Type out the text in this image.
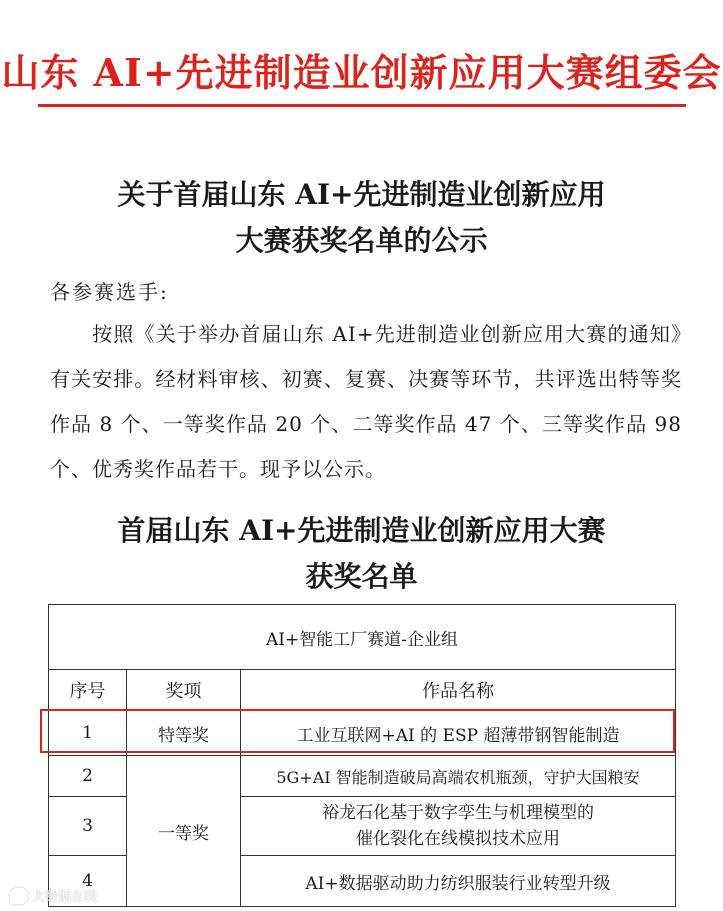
山东 AI+先进制造业创新应用大赛组委会
关于首届山东 AI+先进制造业创新应用
大赛获奖名单的公示
各参赛选手:
按照《关于举办首届山东 AI+先进制造业创新应用大赛的通知》有关安排。经材料审核、初赛、复赛、决赛等环节，共评选出特等奖作品 8 个、一等奖作品 20 个、二等奖作品 47 个、三等奖作品 98 个、优秀奖作品若干。现予以公示。
首届山东 AI+先进制造业创新应用大赛
获奖名单
AI+智能工厂赛道-企业组		
序号	奖项	作品名称
1	特等奖	工业互联网+AI 的 ESP 超薄带钢智能制造
2	一等奖	5G+AI 智能制造破局高端农机瓶颈，守护大国粮安
3		裕龙石化基于数字孪生与机理模型的
催化裂化在线模拟技术应用

4		AI+数据驱动助力纺织服装行业转型升级
大数据在线
